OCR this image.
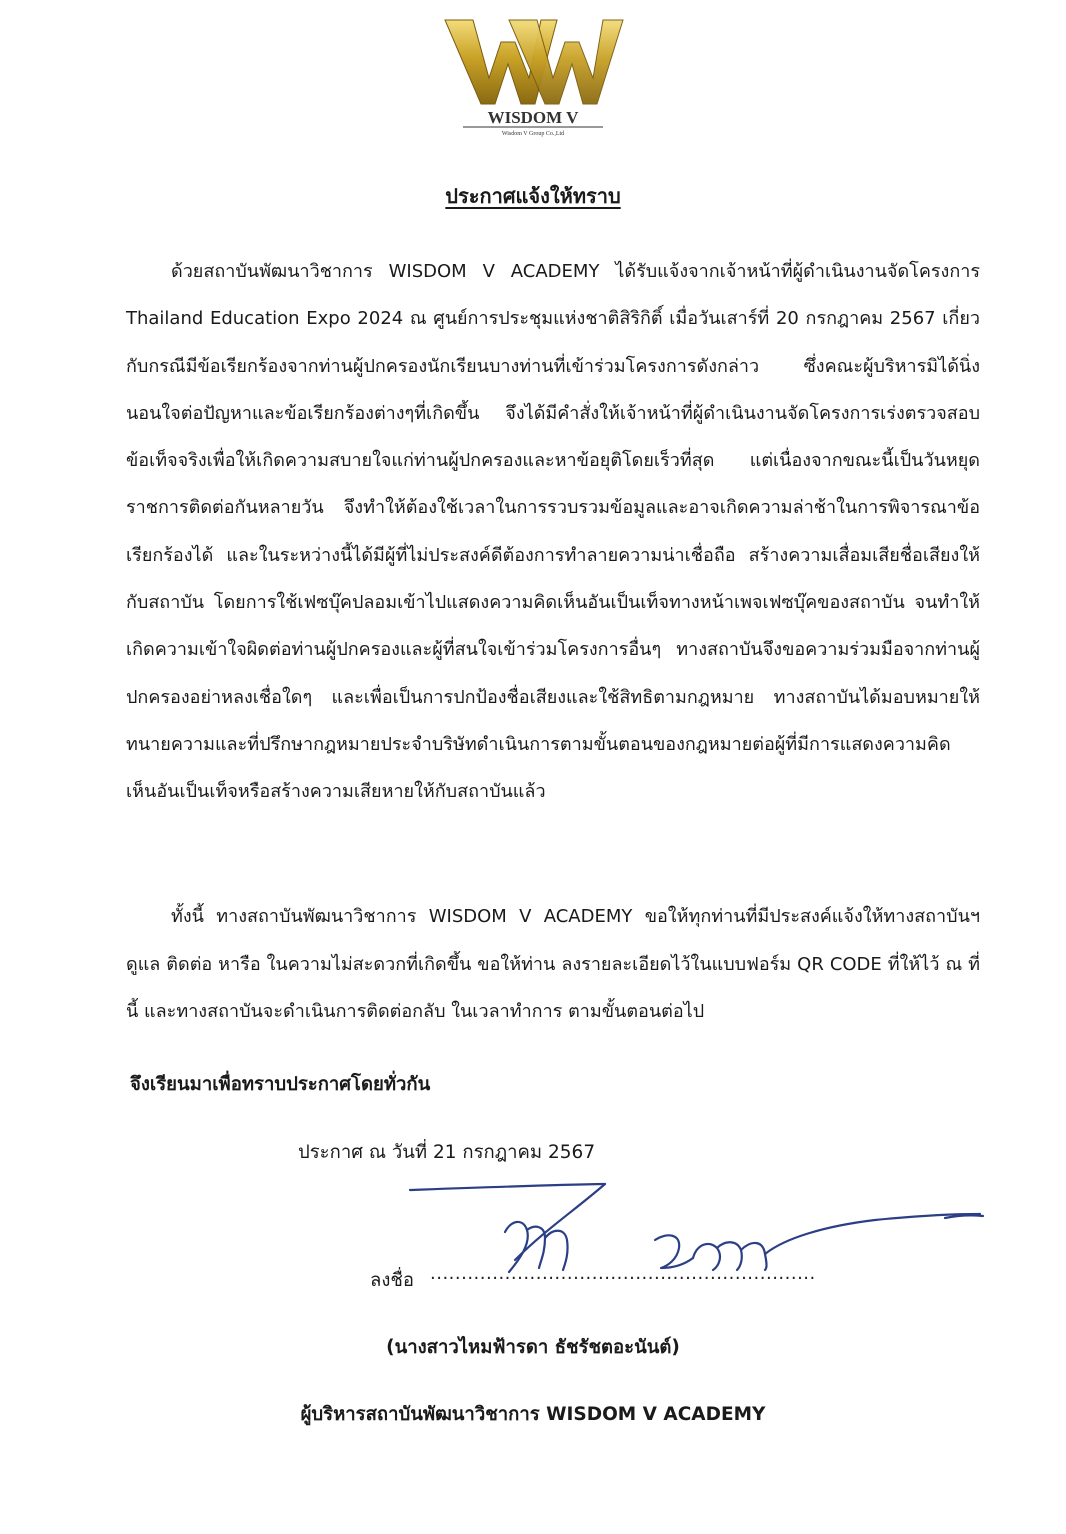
WISDOM V
Wisdom V Group Co.,Ltd
ประกาศแจ้งให้ทราบ

ด้วยสถาบันพัฒนาวิชาการ WISDOM V ACADEMY ได้รับแจ้งจากเจ้าหน้าที่ผู้ดำเนินงานจัดโครงการ Thailand Education Expo 2024 ณ ศูนย์การประชุมแห่งชาติสิริกิติ์ เมื่อวันเสาร์ที่ 20 กรกฎาคม 2567 เกี่ยวกับกรณีมีข้อเรียกร้องจากท่านผู้ปกครองนักเรียนบางท่านที่เข้าร่วมโครงการดังกล่าว ซึ่งคณะผู้บริหารมิได้นิ่งนอนใจต่อปัญหาและข้อเรียกร้องต่างๆที่เกิดขึ้น จึงได้มีคำสั่งให้เจ้าหน้าที่ผู้ดำเนินงานจัดโครงการเร่งตรวจสอบข้อเท็จจริงเพื่อให้เกิดความสบายใจแก่ท่านผู้ปกครองและหาข้อยุติโดยเร็วที่สุด แต่เนื่องจากขณะนี้เป็นวันหยุดราชการติดต่อกันหลายวัน จึงทำให้ต้องใช้เวลาในการรวบรวมข้อมูลและอาจเกิดความล่าช้าในการพิจารณาข้อเรียกร้องได้ และในระหว่างนี้ได้มีผู้ที่ไม่ประสงค์ดีต้องการทำลายความน่าเชื่อถือ สร้างความเสื่อมเสียชื่อเสียงให้กับสถาบัน โดยการใช้เฟซบุ๊คปลอมเข้าไปแสดงความคิดเห็นอันเป็นเท็จทางหน้าเพจเฟซบุ๊คของสถาบัน จนทำให้เกิดความเข้าใจผิดต่อท่านผู้ปกครองและผู้ที่สนใจเข้าร่วมโครงการอื่นๆ ทางสถาบันจึงขอความร่วมมือจากท่านผู้ปกครองอย่าหลงเชื่อใดๆ และเพื่อเป็นการปกป้องชื่อเสียงและใช้สิทธิตามกฎหมาย ทางสถาบันได้มอบหมายให้ทนายความและที่ปรึกษากฎหมายประจำบริษัทดำเนินการตามขั้นตอนของกฎหมายต่อผู้ที่มีการแสดงความคิดเห็นอันเป็นเท็จหรือสร้างความเสียหายให้กับสถาบันแล้ว

ทั้งนี้ ทางสถาบันพัฒนาวิชาการ WISDOM V ACADEMY ขอให้ทุกท่านที่มีประสงค์แจ้งให้ทางสถาบันฯ ดูแล ติดต่อ หารือ ในความไม่สะดวกที่เกิดขึ้น ขอให้ท่าน ลงรายละเอียดไว้ในแบบฟอร์ม QR CODE ที่ให้ไว้ ณ ที่นี้ และทางสถาบันจะดำเนินการติดต่อกลับ ในเวลาทำการ ตามขั้นตอนต่อไป

จึงเรียนมาเพื่อทราบประกาศโดยทั่วกัน
ประกาศ ณ วันที่ 21 กรกฎาคม 2567
ลงชื่อ ..............................................................
(นางสาวไหมฟ้ารดา ธัชรัชตอะนันต์)
ผู้บริหารสถาบันพัฒนาวิชาการ WISDOM V ACADEMY
